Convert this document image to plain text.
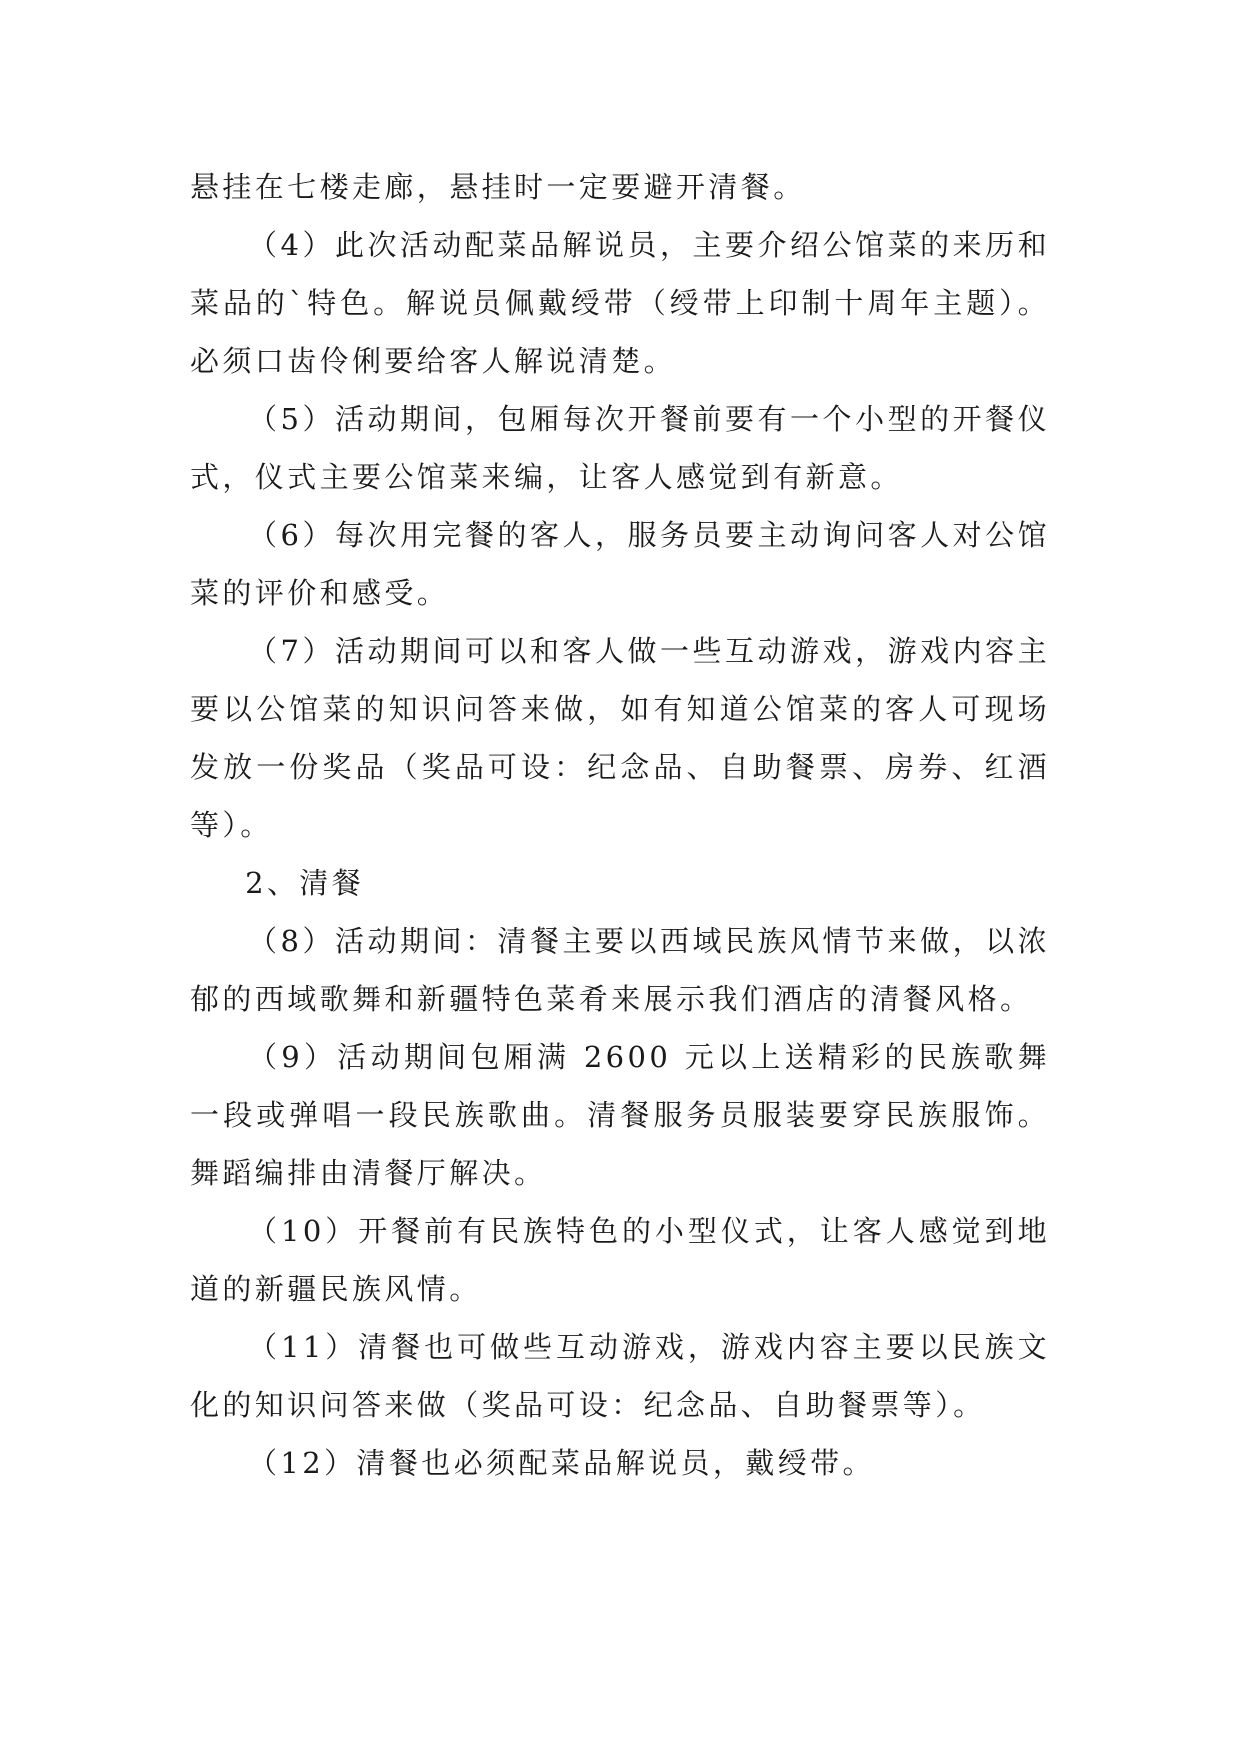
悬挂在七楼走廊，悬挂时一定要避开清餐。

（4）此次活动配菜品解说员，主要介绍公馆菜的来历和菜品的`特色。解说员佩戴绶带（绶带上印制十周年主题）。必须口齿伶俐要给客人解说清楚。

（5）活动期间，包厢每次开餐前要有一个小型的开餐仪式，仪式主要公馆菜来编，让客人感觉到有新意。

（6）每次用完餐的客人，服务员要主动询问客人对公馆菜的评价和感受。

（7）活动期间可以和客人做一些互动游戏，游戏内容主要以公馆菜的知识问答来做，如有知道公馆菜的客人可现场发放一份奖品（奖品可设：纪念品、自助餐票、房券、红酒等）。

2、清餐

（8）活动期间：清餐主要以西域民族风情节来做，以浓郁的西域歌舞和新疆特色菜肴来展示我们酒店的清餐风格。

（9）活动期间包厢满 2600 元以上送精彩的民族歌舞一段或弹唱一段民族歌曲。清餐服务员服装要穿民族服饰。舞蹈编排由清餐厅解决。

（10）开餐前有民族特色的小型仪式，让客人感觉到地道的新疆民族风情。

（11）清餐也可做些互动游戏，游戏内容主要以民族文化的知识问答来做（奖品可设：纪念品、自助餐票等）。

（12）清餐也必须配菜品解说员，戴绶带。
